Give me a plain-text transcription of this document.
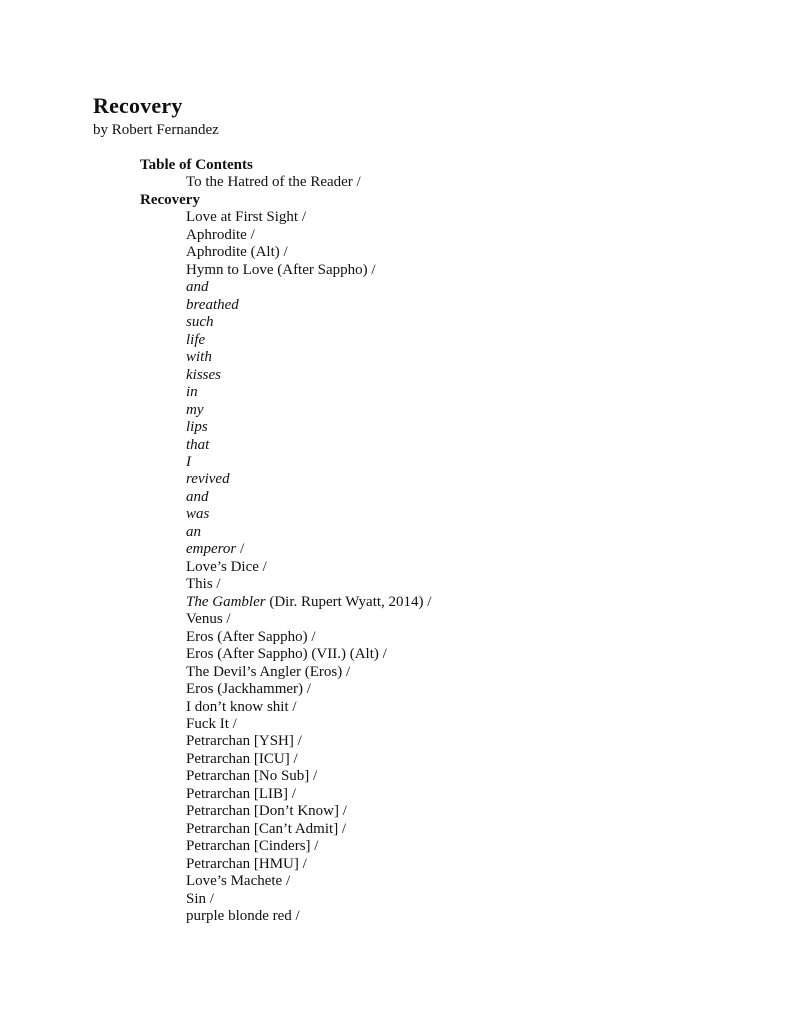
Recovery
by Robert Fernandez
Table of Contents
To the Hatred of the Reader /
Recovery
Love at First Sight /
Aphrodite /
Aphrodite (Alt) /
Hymn to Love (After Sappho) /
and
breathed
such
life
with
kisses
in
my
lips
that
I
revived
and
was
an
emperor /
Love’s Dice /
This /
The Gambler (Dir. Rupert Wyatt, 2014) /
Venus /
Eros (After Sappho) /
Eros (After Sappho) (VII.) (Alt) /
The Devil’s Angler (Eros) /
Eros (Jackhammer) /
I don’t know shit /
Fuck It /
Petrarchan [YSH] /
Petrarchan [ICU] /
Petrarchan [No Sub] /
Petrarchan [LIB] /
Petrarchan [Don’t Know] /
Petrarchan [Can’t Admit] /
Petrarchan [Cinders] /
Petrarchan [HMU] /
Love’s Machete /
Sin /
purple blonde red /
